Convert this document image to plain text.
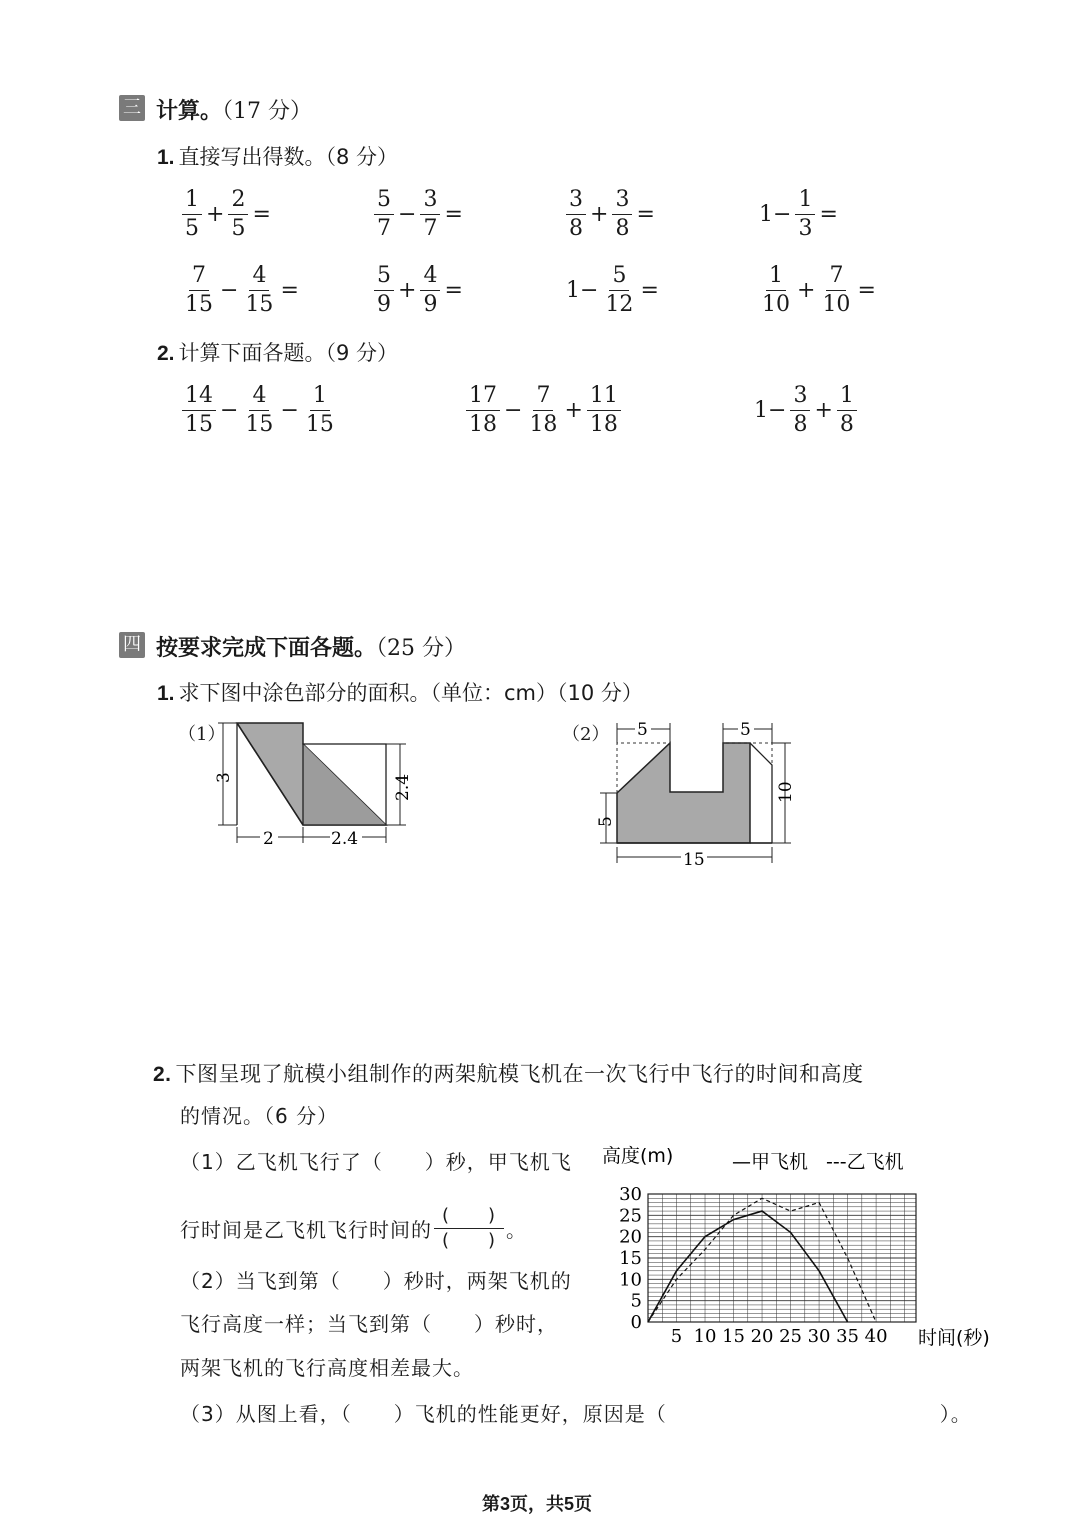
三 计算。（17 分）
1. 直接写出得数。（8 分）
$\frac{1}{5} + \frac{2}{5}$ =	$\frac{5}{7} - \frac{3}{7}$ =	$\frac{3}{8} + \frac{3}{8}$ =	$1- \frac{1}{3}$ =
$\frac{7}{15} - \frac{4}{15}$ =	$\frac{5}{9} + \frac{4}{9}$ =	$1- \frac{5}{12}$ =	$\frac{1}{10} + \frac{7}{10}$ =
2. 计算下面各题。（9 分）
$\frac{14}{15} - \frac{4}{15} - \frac{1}{15}$	$\frac{17}{18} - \frac{7}{18} + \frac{11}{18}$	$1- \frac{3}{8} + \frac{1}{8}$
四 按要求完成下面各题。（25 分）
1. 求下图中涂色部分的面积。（单位：cm）（10 分）
（1）
3	2.4
2	2.4
（2） 5	5
5
10
15
2. 下图呈现了航模小组制作的两架航模飞机在一次飞行中飞行的时间和高度
的情况。（6 分）
（1）乙飞机飞行了（　　）秒，甲飞机飞
行时间是乙飞机飞行时间的 $\frac{( )}{( )}$ 。
（2）当飞到第（　　）秒时，两架飞机的
飞行高度一样；当飞到第（　　）秒时，
两架飞机的飞行高度相差最大。
（3）从图上看，（　　）飞机的性能更好，原因是（　　　　　　　　　　　　　）。
0
5
10
15
20
25
30
5 10 15 20 25 30 35 40
高度(m)
时间(秒)
—甲飞机 ---乙飞机
第3页，共5页
